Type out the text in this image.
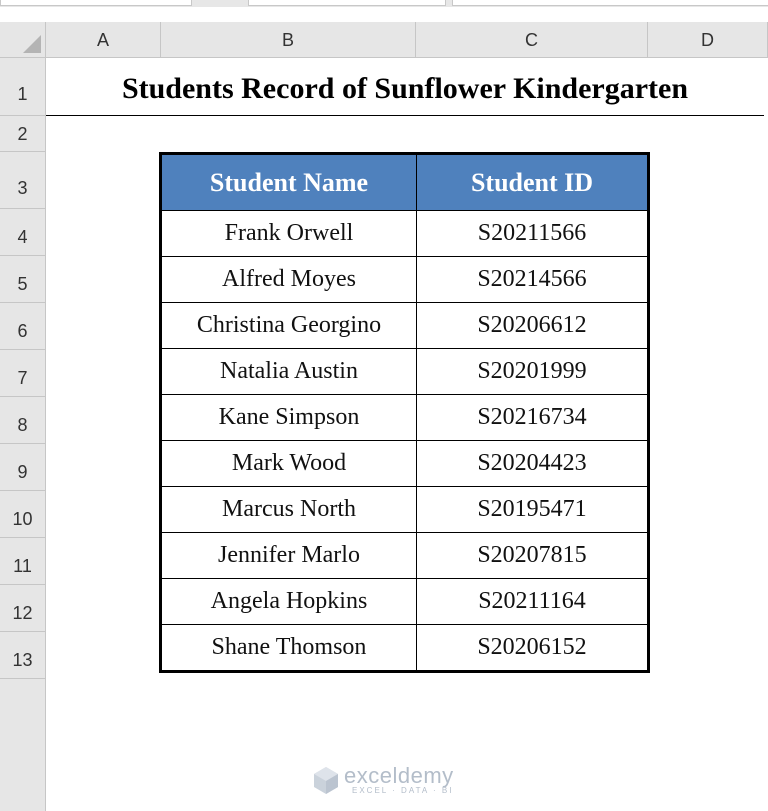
A	B	C	D
1
2
3
4
5
6
7
8
9
10
11
12
13
Students Record of Sunflower Kindergarten
Student Name	Student ID
Frank Orwell	S20211566
Alfred Moyes	S20214566
Christina Georgino	S20206612
Natalia Austin	S20201999
Kane Simpson	S20216734
Mark Wood	S20204423
Marcus North	S20195471
Jennifer Marlo	S20207815
Angela Hopkins	S20211164
Shane Thomson	S20206152
exceldemy
EXCEL · DATA · BI
